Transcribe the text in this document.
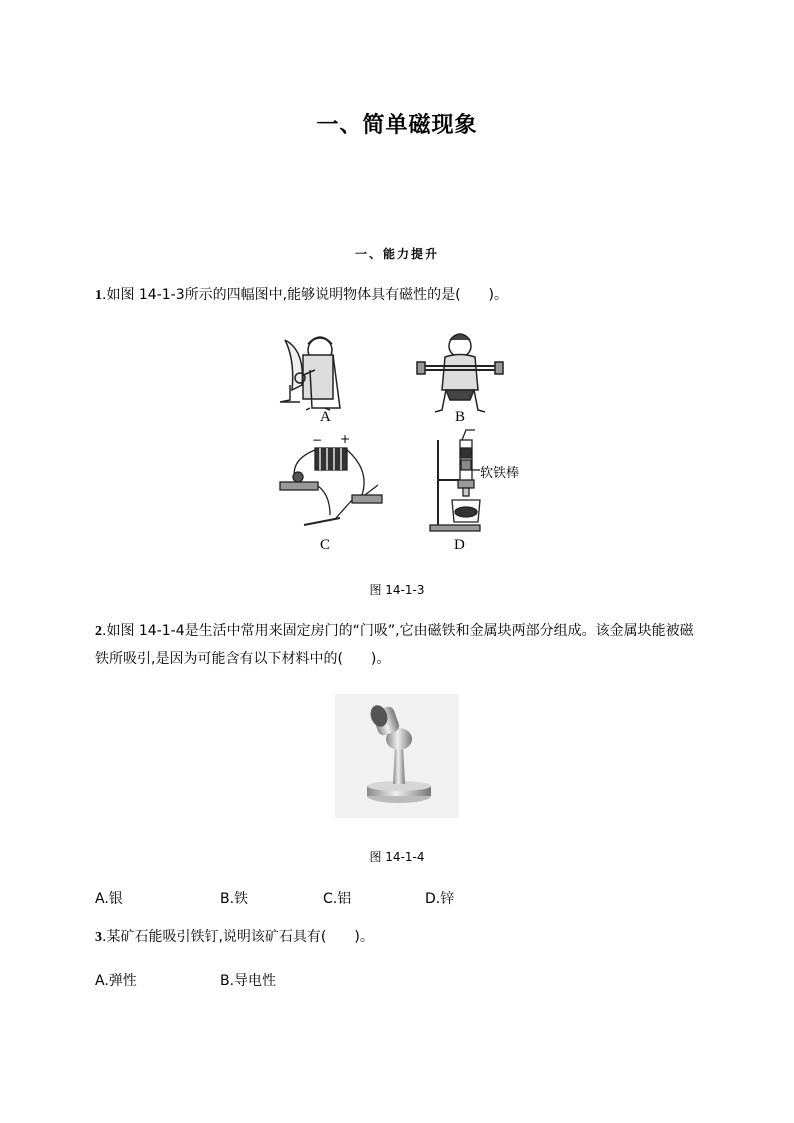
一、简单磁现象
一、能力提升
1.如图 14-1-3所示的四幅图中,能够说明物体具有磁性的是(　　)。
A	B
C	D
− +
软铁棒
图 14-1-3
2.如图 14-1-4是生活中常用来固定房门的“门吸”,它由磁铁和金属块两部分组成。该金属块能被磁
铁所吸引,是因为可能含有以下材料中的(　　)。
图 14-1-4
A.银	B.铁	C.铝	D.锌
3.某矿石能吸引铁钉,说明该矿石具有(　　)。
A.弹性	B.导电性
